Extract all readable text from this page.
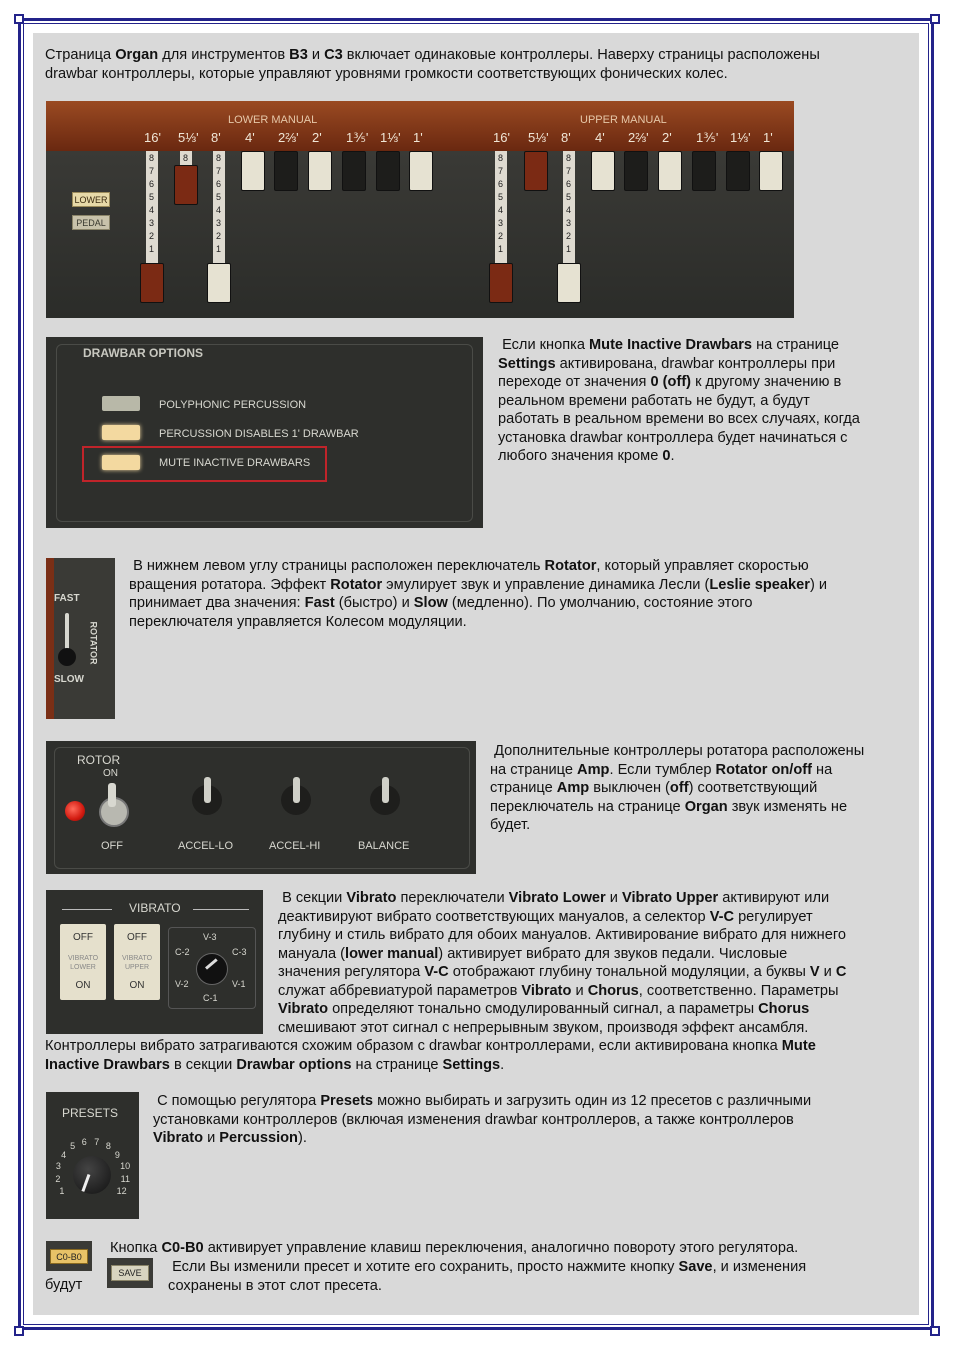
Страница Organ для инструментов B3 и C3 включает одинаковые контроллеры. Наверху страницы расположены
drawbar контроллеры, которые управляют уровнями громкости соответствующих фонических колес.
LOWER MANUAL	UPPER MANUAL
LOWER
PEDAL
16' 5⅓' 8' 4' 2⅔' 2' 1⅗' 1⅓' 1'	16' 5⅓' 8' 4' 2⅔' 2' 1⅗' 1⅓' 1'
8
7
6
5
4
3
2
1
8	8
7
6
5
4
3
2
1
8
7
6
5
4
3
2
1
8
7
6
5
4
3
2
1
DRAWBAR OPTIONS
POLYPHONIC PERCUSSION
PERCUSSION DISABLES 1' DRAWBAR
MUTE INACTIVE DRAWBARS
Если кнопка Mute Inactive Drawbars на странице
Settings активирована, drawbar контроллеры при
переходе от значения 0 (off) к другому значению в
реальном времени работать не будут, а будут
работать в реальном времени во всех случаях, когда
установка drawbar контроллера будет начинаться с
любого значения кроме 0.
FAST
SLOW
ROTATOR
В нижнем левом углу страницы расположен переключатель Rotator, который управляет скоростью
вращения ротатора. Эффект Rotator эмулирует звук и управление динамика Лесли (Leslie speaker) и
принимает два значения: Fast (быстро) и Slow (медленно). По умолчанию, состояние этого
переключателя управляется Колесом модуляции.
ROTOR
ON
OFF	ACCEL-LO	ACCEL-HI	BALANCE
Дополнительные контроллеры ротатора расположены
на странице Amp. Если тумблер Rotator on/off на
странице Amp выключен (off) соответствующий
переключатель на странице Organ звук изменять не
будет.
VIBRATO
OFF
VIBRATO LOWER
ON
OFF
VIBRATO UPPER
ON
V-3
C-2	C-3
V-2	V-1
C-1
В секции Vibrato переключатели Vibrato Lower и Vibrato Upper активируют или
деактивируют вибрато соответствующих мануалов, а селектор V-C регулирует
глубину и стиль вибрато для обоих мануалов. Активирование вибрато для нижнего
мануала (lower manual) активирует вибрато для звуков педали. Числовые
значения регулятора V-C отображают глубину тональной модуляции, а буквы V и C
служат аббревиатурой параметров Vibrato и Chorus, соответственно. Параметры
Vibrato определяют тонально смодулированный сигнал, а параметры Chorus
смешивают этот сигнал с непрерывным звуком, производя эффект ансамбля.
Контроллеры вибрато затрагиваются схожим образом с drawbar контроллерами, если активирована кнопка Mute
Inactive Drawbars в секции Drawbar options на странице Settings.
PRESETS
1
2
3
4
5 6 7 8
9
10
11
12
С помощью регулятора Presets можно выбирать и загрузить один из 12 пресетов с различными
установками контроллеров (включая изменения drawbar контроллеров, а также контроллеров
Vibrato и Percussion).
C0-B0
SAVE
Кнопка C0-B0 активирует управление клавиш переключения, аналогично повороту этого регулятора.
Если Вы изменили пресет и хотите его сохранить, просто нажмите кнопку Save, и изменения
сохранены в этот слот пресета.
будут
